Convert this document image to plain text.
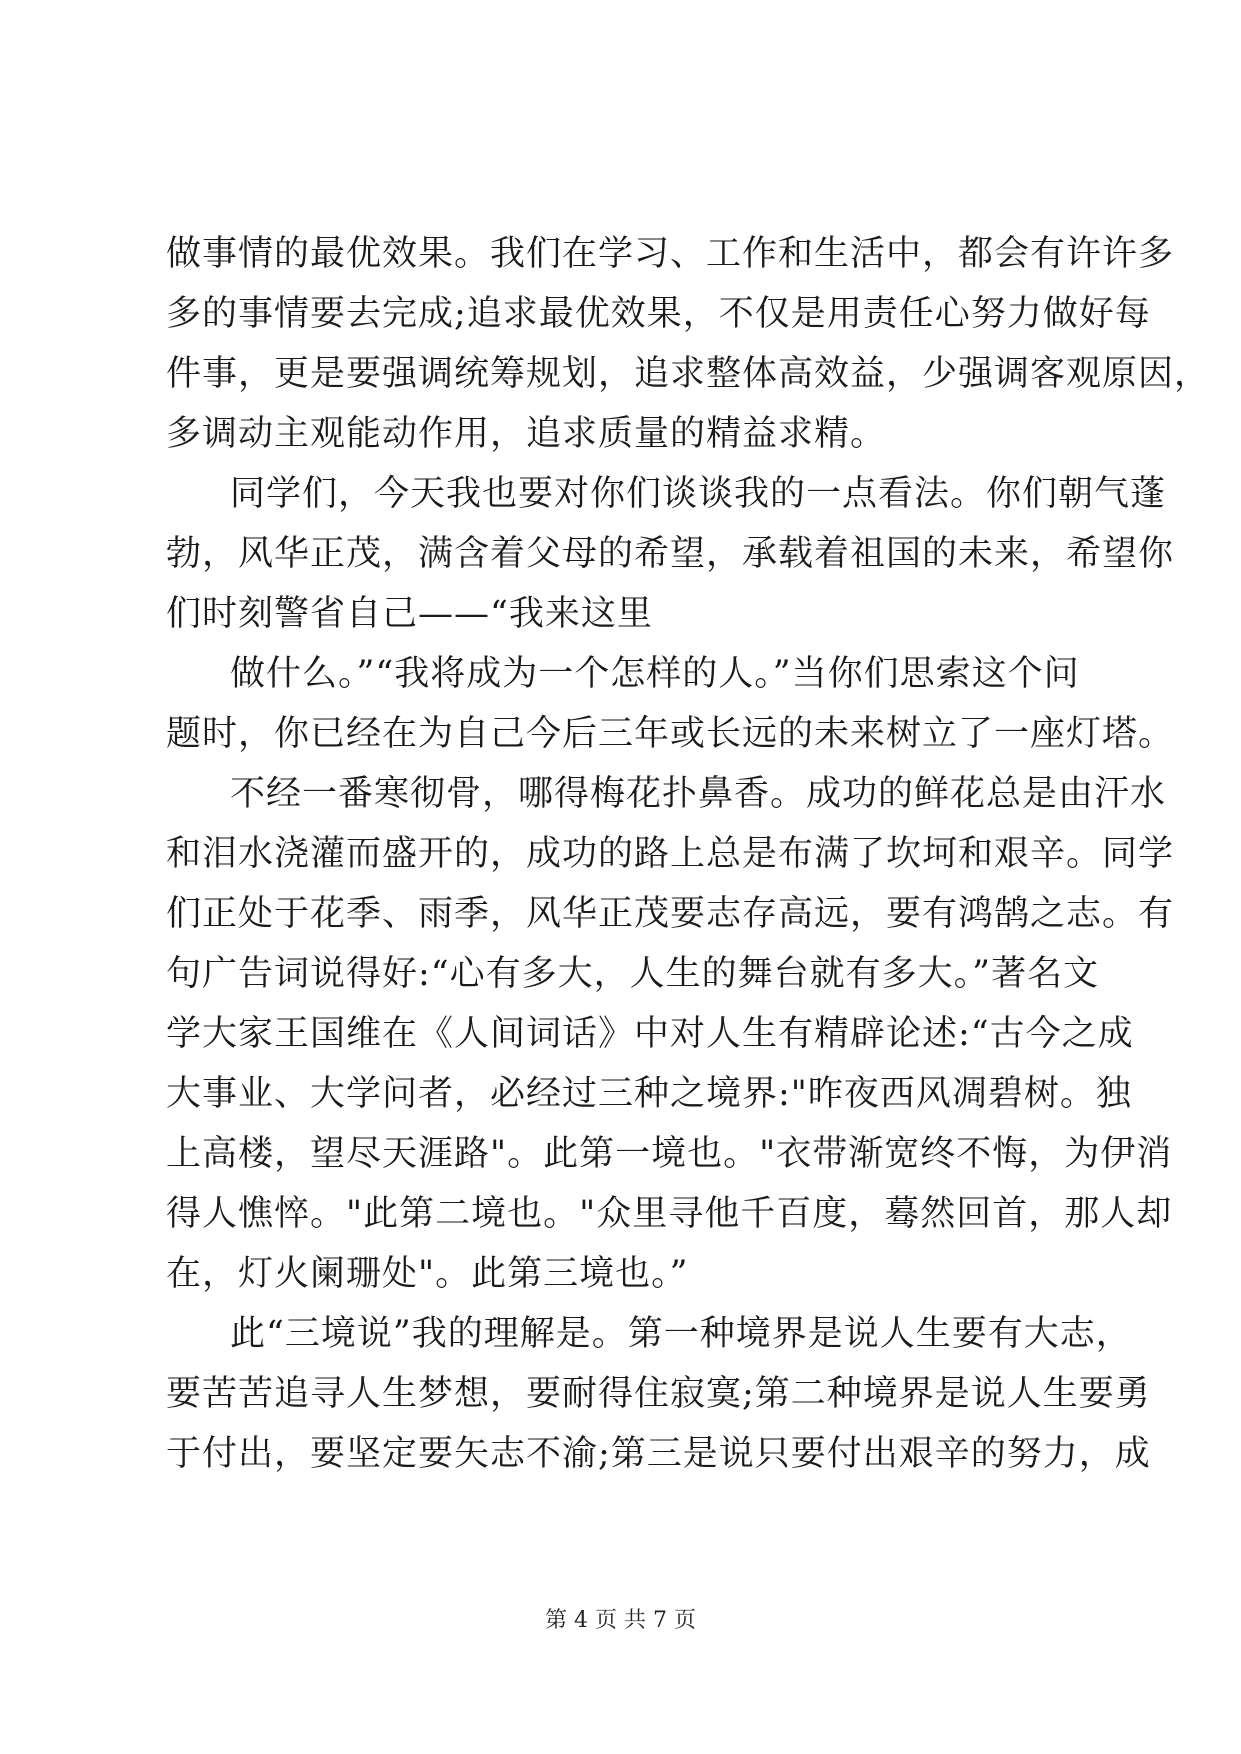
做事情的最优效果。我们在学习、工作和生活中，都会有许许多
多的事情要去完成;追求最优效果，不仅是用责任心努力做好每
件事，更是要强调统筹规划，追求整体高效益，少强调客观原因，
多调动主观能动作用，追求质量的精益求精。
同学们，今天我也要对你们谈谈我的一点看法。你们朝气蓬
勃，风华正茂，满含着父母的希望，承载着祖国的未来，希望你
们时刻警省自己——“我来这里
做什么。”“我将成为一个怎样的人。”当你们思索这个问
题时，你已经在为自己今后三年或长远的未来树立了一座灯塔。
不经一番寒彻骨，哪得梅花扑鼻香。成功的鲜花总是由汗水
和泪水浇灌而盛开的，成功的路上总是布满了坎坷和艰辛。同学
们正处于花季、雨季，风华正茂要志存高远，要有鸿鹄之志。有
句广告词说得好:“心有多大，人生的舞台就有多大。”著名文
学大家王国维在《人间词话》中对人生有精辟论述:“古今之成
大事业、大学问者，必经过三种之境界:"昨夜西风凋碧树。独
上高楼，望尽天涯路"。此第一境也。"衣带渐宽终不悔，为伊消
得人憔悴。"此第二境也。"众里寻他千百度，蓦然回首，那人却
在，灯火阑珊处"。此第三境也。”
此“三境说”我的理解是。第一种境界是说人生要有大志，
要苦苦追寻人生梦想，要耐得住寂寞;第二种境界是说人生要勇
于付出，要坚定要矢志不渝;第三是说只要付出艰辛的努力，成
第 4 页 共 7 页
